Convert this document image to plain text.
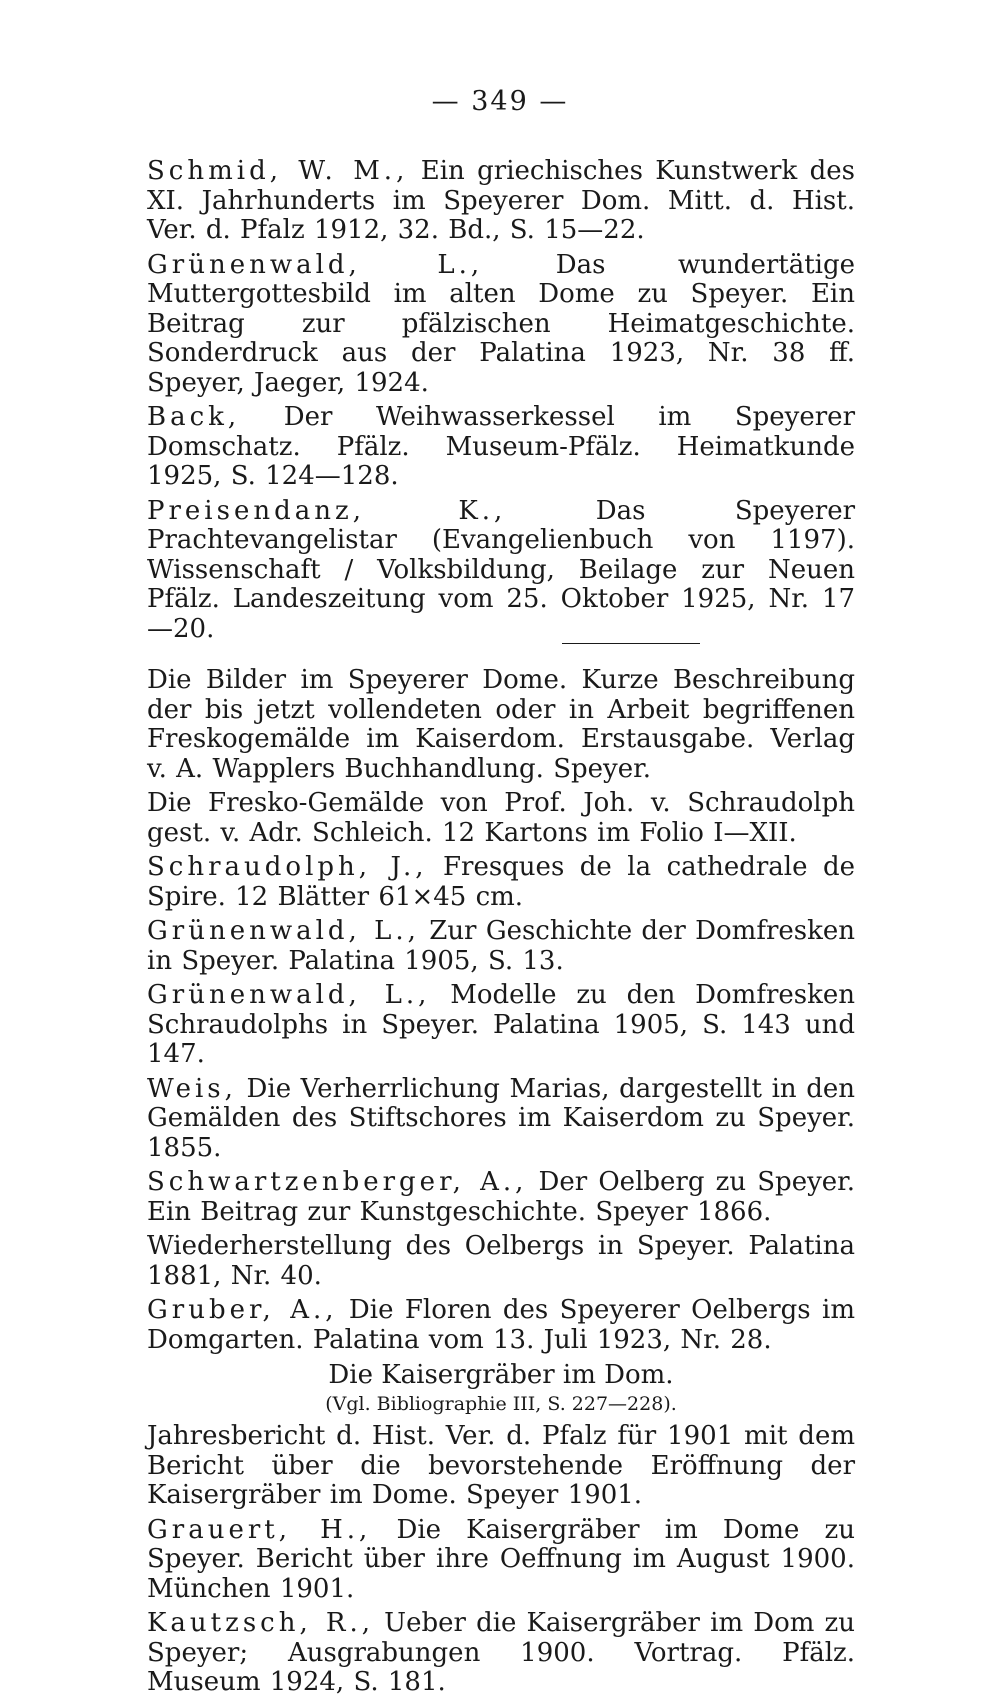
— 349 —
Schmid, W. M., Ein griechisches Kunstwerk des XI. Jahrhunderts im Speyerer Dom. Mitt. d. Hist. Ver. d. Pfalz 1912, 32. Bd., S. 15—22.
Grünenwald, L.,	Das wundertätige Muttergottesbild im alten Dome zu Speyer. Ein Beitrag zur pfälzischen Heimatgeschichte. Sonderdruck aus der Palatina 1923, Nr. 38 ff. Speyer, Jaeger, 1924.
Back, Der Weihwasserkessel im Speyerer Domschatz. Pfälz. Museum-Pfälz. Heimatkunde 1925, S. 124—128.
Preisendanz, K.,	Das Speyerer Prachtevangelistar (Evangelienbuch von 1197). Wissenschaft / Volksbildung, Beilage zur Neuen Pfälz. Landeszeitung vom 25. Oktober 1925, Nr. 17—20.
Die Bilder im Speyerer Dome. Kurze Beschreibung der bis jetzt vollendeten oder in Arbeit begriffenen Freskogemälde im Kaiserdom. Erstausgabe. Verlag v. A. Wapplers Buchhandlung. Speyer.
Die Fresko-Gemälde von Prof. Joh. v. Schraudolph gest. v. Adr. Schleich. 12 Kartons im Folio I—XII.
Schraudolph, J., Fresques de la cathedrale de Spire. 12 Blätter 61×45 cm.
Grünenwald, L., Zur Geschichte der Domfresken in Speyer. Palatina 1905, S. 13.
Grünenwald, L., Modelle zu den Domfresken Schraudolphs in Speyer. Palatina 1905, S. 143 und 147.
Weis, Die Verherrlichung Marias, dargestellt in den Gemälden des Stiftschores im Kaiserdom zu Speyer. 1855.
Schwartzenberger, A., Der Oelberg zu Speyer. Ein Beitrag zur Kunstgeschichte. Speyer 1866.
Wiederherstellung des Oelbergs in Speyer. Palatina 1881, Nr. 40.
Gruber, A., Die Floren des Speyerer Oelbergs im Domgarten. Palatina vom 13. Juli 1923, Nr. 28.
Die Kaisergräber im Dom.
(Vgl. Bibliographie III, S. 227—228).
Jahresbericht d. Hist. Ver. d. Pfalz für 1901 mit dem Bericht über die bevorstehende Eröffnung der Kaisergräber im Dome. Speyer 1901.
Grauert, H., Die Kaisergräber im Dome zu Speyer. Bericht über ihre Oeffnung im August 1900. München 1901.
Kautzsch, R., Ueber die Kaisergräber im Dom zu Speyer; Ausgrabungen 1900. Vortrag. Pfälz. Museum 1924, S. 181.
